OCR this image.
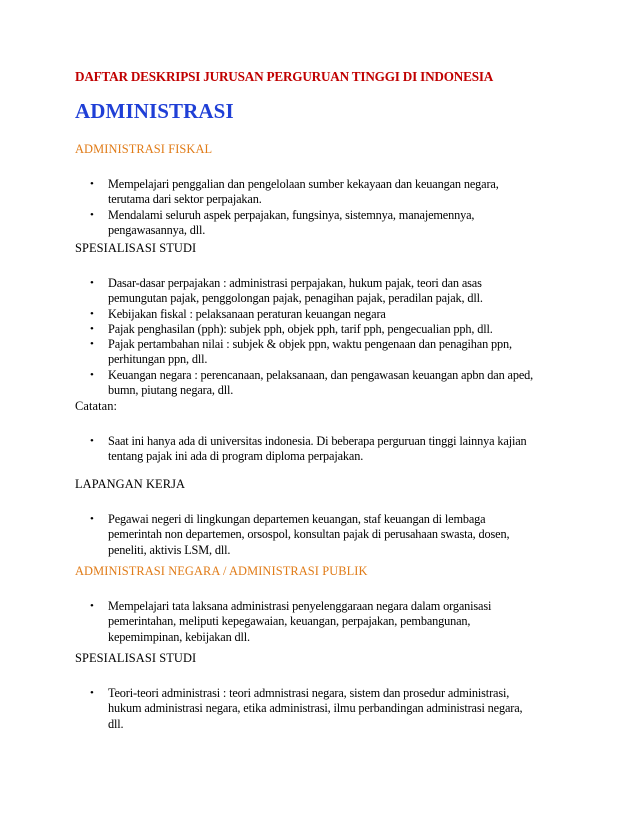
DAFTAR DESKRIPSI JURUSAN PERGURUAN TINGGI DI INDONESIA
ADMINISTRASI

ADMINISTRASI FISKAL

• Mempelajari penggalian dan pengelolaan sumber kekayaan dan keuangan negara,
terutama dari sektor perpajakan.
• Mendalami seluruh aspek perpajakan, fungsinya, sistemnya, manajemennya,
pengawasannya, dll.

SPESIALISASI STUDI

• Dasar-dasar perpajakan : administrasi perpajakan, hukum pajak, teori dan asas
pemungutan pajak, penggolongan pajak, penagihan pajak, peradilan pajak, dll.
• Kebijakan fiskal : pelaksanaan peraturan keuangan negara
• Pajak penghasilan (pph): subjek pph, objek pph, tarif pph, pengecualian pph, dll.
• Pajak pertambahan nilai : subjek & objek ppn, waktu pengenaan dan penagihan ppn,
perhitungan ppn, dll.
• Keuangan negara : perencanaan, pelaksanaan, dan pengawasan keuangan apbn dan aped,
bumn, piutang negara, dll.

Catatan:

• Saat ini hanya ada di universitas indonesia. Di beberapa perguruan tinggi lainnya kajian
tentang pajak ini ada di program diploma perpajakan.

LAPANGAN KERJA

• Pegawai negeri di lingkungan departemen keuangan, staf keuangan di lembaga
pemerintah non departemen, orsospol, konsultan pajak di perusahaan swasta, dosen,
peneliti, aktivis LSM, dll.

ADMINISTRASI NEGARA / ADMINISTRASI PUBLIK

• Mempelajari tata laksana administrasi penyelenggaraan negara dalam organisasi
pemerintahan, meliputi kepegawaian, keuangan, perpajakan, pembangunan,
kepemimpinan, kebijakan dll.

SPESIALISASI STUDI

• Teori-teori administrasi : teori admnistrasi negara, sistem dan prosedur administrasi,
hukum administrasi negara, etika administrasi, ilmu perbandingan administrasi negara,
dll.
